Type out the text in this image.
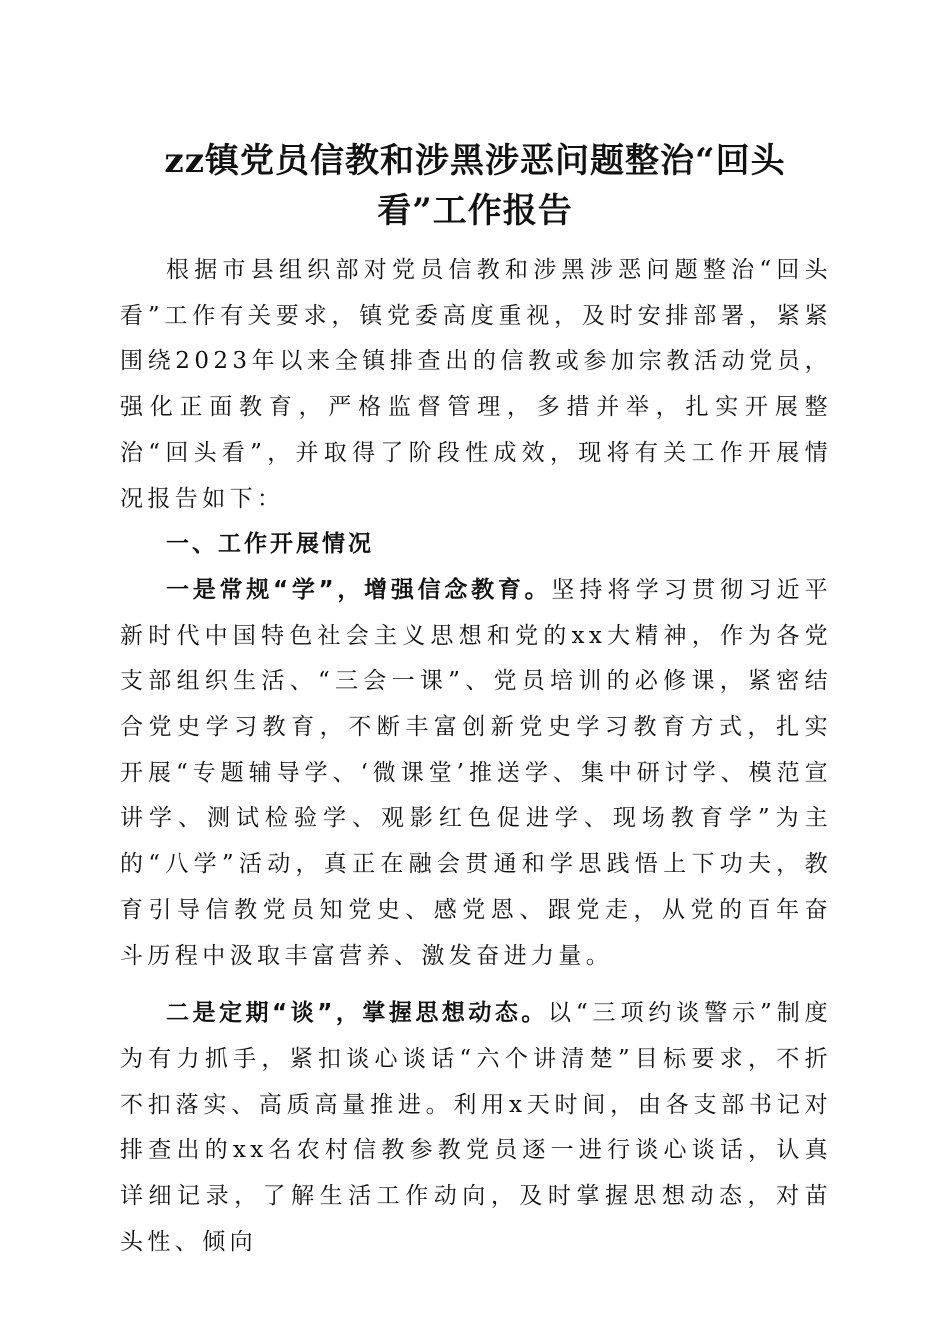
zz镇党员信教和涉黑涉恶问题整治“回头
看”工作报告

根据市县组织部对党员信教和涉黑涉恶问题整治“回头看”工作有关要求，镇党委高度重视，及时安排部署，紧紧围绕2023年以来全镇排查出的信教或参加宗教活动党员，强化正面教育，严格监督管理，多措并举，扎实开展整治“回头看”，并取得了阶段性成效，现将有关工作开展情况报告如下：

一、工作开展情况

一是常规“学”，增强信念教育。坚持将学习贯彻习近平新时代中国特色社会主义思想和党的xx大精神，作为各党支部组织生活、“三会一课”、党员培训的必修课，紧密结合党史学习教育，不断丰富创新党史学习教育方式，扎实开展“专题辅导学、‘微课堂’推送学、集中研讨学、模范宣讲学、测试检验学、观影红色促进学、现场教育学”为主的“八学”活动，真正在融会贯通和学思践悟上下功夫，教育引导信教党员知党史、感党恩、跟党走，从党的百年奋斗历程中汲取丰富营养、激发奋进力量。

二是定期“谈”，掌握思想动态。以“三项约谈警示”制度为有力抓手，紧扣谈心谈话“六个讲清楚”目标要求，不折不扣落实、高质高量推进。利用x天时间，由各支部书记对排查出的xx名农村信教参教党员逐一进行谈心谈话，认真详细记录，了解生活工作动向，及时掌握思想动态，对苗头性、倾向
